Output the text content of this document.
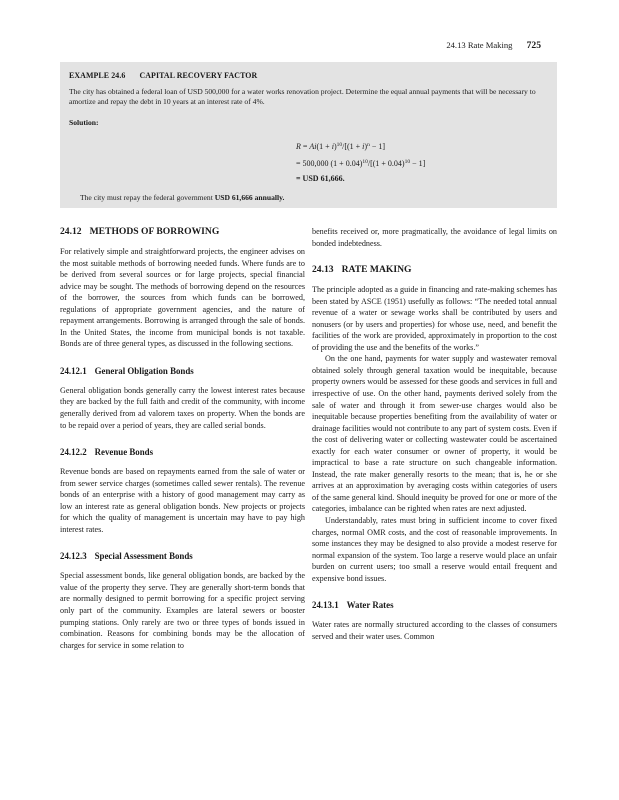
24.13 Rate Making 725
EXAMPLE 24.6 CAPITAL RECOVERY FACTOR
The city has obtained a federal loan of USD 500,000 for a water works renovation project. Determine the equal annual payments that will be necessary to amortize and repay the debt in 10 years at an interest rate of 4%.
Solution:
$R = Ai(1 + i)^{10}/[(1 + i)^n - 1]$
= 500,000 $(1 + 0.04)^{10}/[(1 + 0.04)^{10} - 1]$
= USD 61,666.
The city must repay the federal government USD 61,666 annually.
24.12 METHODS OF BORROWING

For relatively simple and straightforward projects, the engineer advises on the most suitable methods of borrowing needed funds. Where funds are to be derived from several sources or for large projects, special financial advice may be sought. The methods of borrowing depend on the resources of the borrower, the sources from which funds can be borrowed, regulations of appropriate government agencies, and the nature of repayment arrangements. Borrowing is arranged through the sale of bonds. In the United States, the income from municipal bonds is not taxable. Bonds are of three general types, as discussed in the following sections.

24.12.1 General Obligation Bonds

General obligation bonds generally carry the lowest interest rates because they are backed by the full faith and credit of the community, with income generally derived from ad valorem taxes on property. When the bonds are to be repaid over a period of years, they are called serial bonds.

24.12.2 Revenue Bonds

Revenue bonds are based on repayments earned from the sale of water or from sewer service charges (sometimes called sewer rentals). The revenue bonds of an enterprise with a history of good management may carry as low an interest rate as general obligation bonds. New projects or projects for which the quality of management is uncertain may have to pay high interest rates.

24.12.3 Special Assessment Bonds

Special assessment bonds, like general obligation bonds, are backed by the value of the property they serve. They are generally short-term bonds that are normally designed to permit borrowing for a specific project serving only part of the community. Examples are lateral sewers or booster pumping stations. Only rarely are two or three types of bonds issued in combination. Reasons for combining bonds may be the allocation of charges for service in some relation to

benefits received or, more pragmatically, the avoidance of legal limits on bonded indebtedness.

24.13 RATE MAKING

The principle adopted as a guide in financing and rate-making schemes has been stated by ASCE (1951) usefully as follows: “The needed total annual revenue of a water or sewage works shall be contributed by users and nonusers (or by users and properties) for whose use, need, and benefit the facilities of the work are provided, approximately in proportion to the cost of providing the use and the benefits of the works.”

On the one hand, payments for water supply and wastewater removal obtained solely through general taxation would be inequitable, because property owners would be assessed for these goods and services in full and irrespective of use. On the other hand, payments derived solely from the sale of water and through it from sewer-use charges would also be inequitable because properties benefiting from the availability of water or drainage facilities would not contribute to any part of system costs. Even if the cost of delivering water or collecting wastewater could be ascertained exactly for each water consumer or owner of property, it would be impractical to base a rate structure on such changeable information. Instead, the rate maker generally resorts to the mean; that is, he or she arrives at an approximation by averaging costs within categories of users of the same general kind. Should inequity be proved for one or more of the categories, imbalance can be righted when rates are next adjusted.

Understandably, rates must bring in sufficient income to cover fixed charges, normal OMR costs, and the cost of reasonable improvements. In some instances they may be designed to also provide a modest reserve for normal expansion of the system. Too large a reserve would place an unfair burden on current users; too small a reserve would entail frequent and expensive bond issues.

24.13.1 Water Rates

Water rates are normally structured according to the classes of consumers served and their water uses. Common
